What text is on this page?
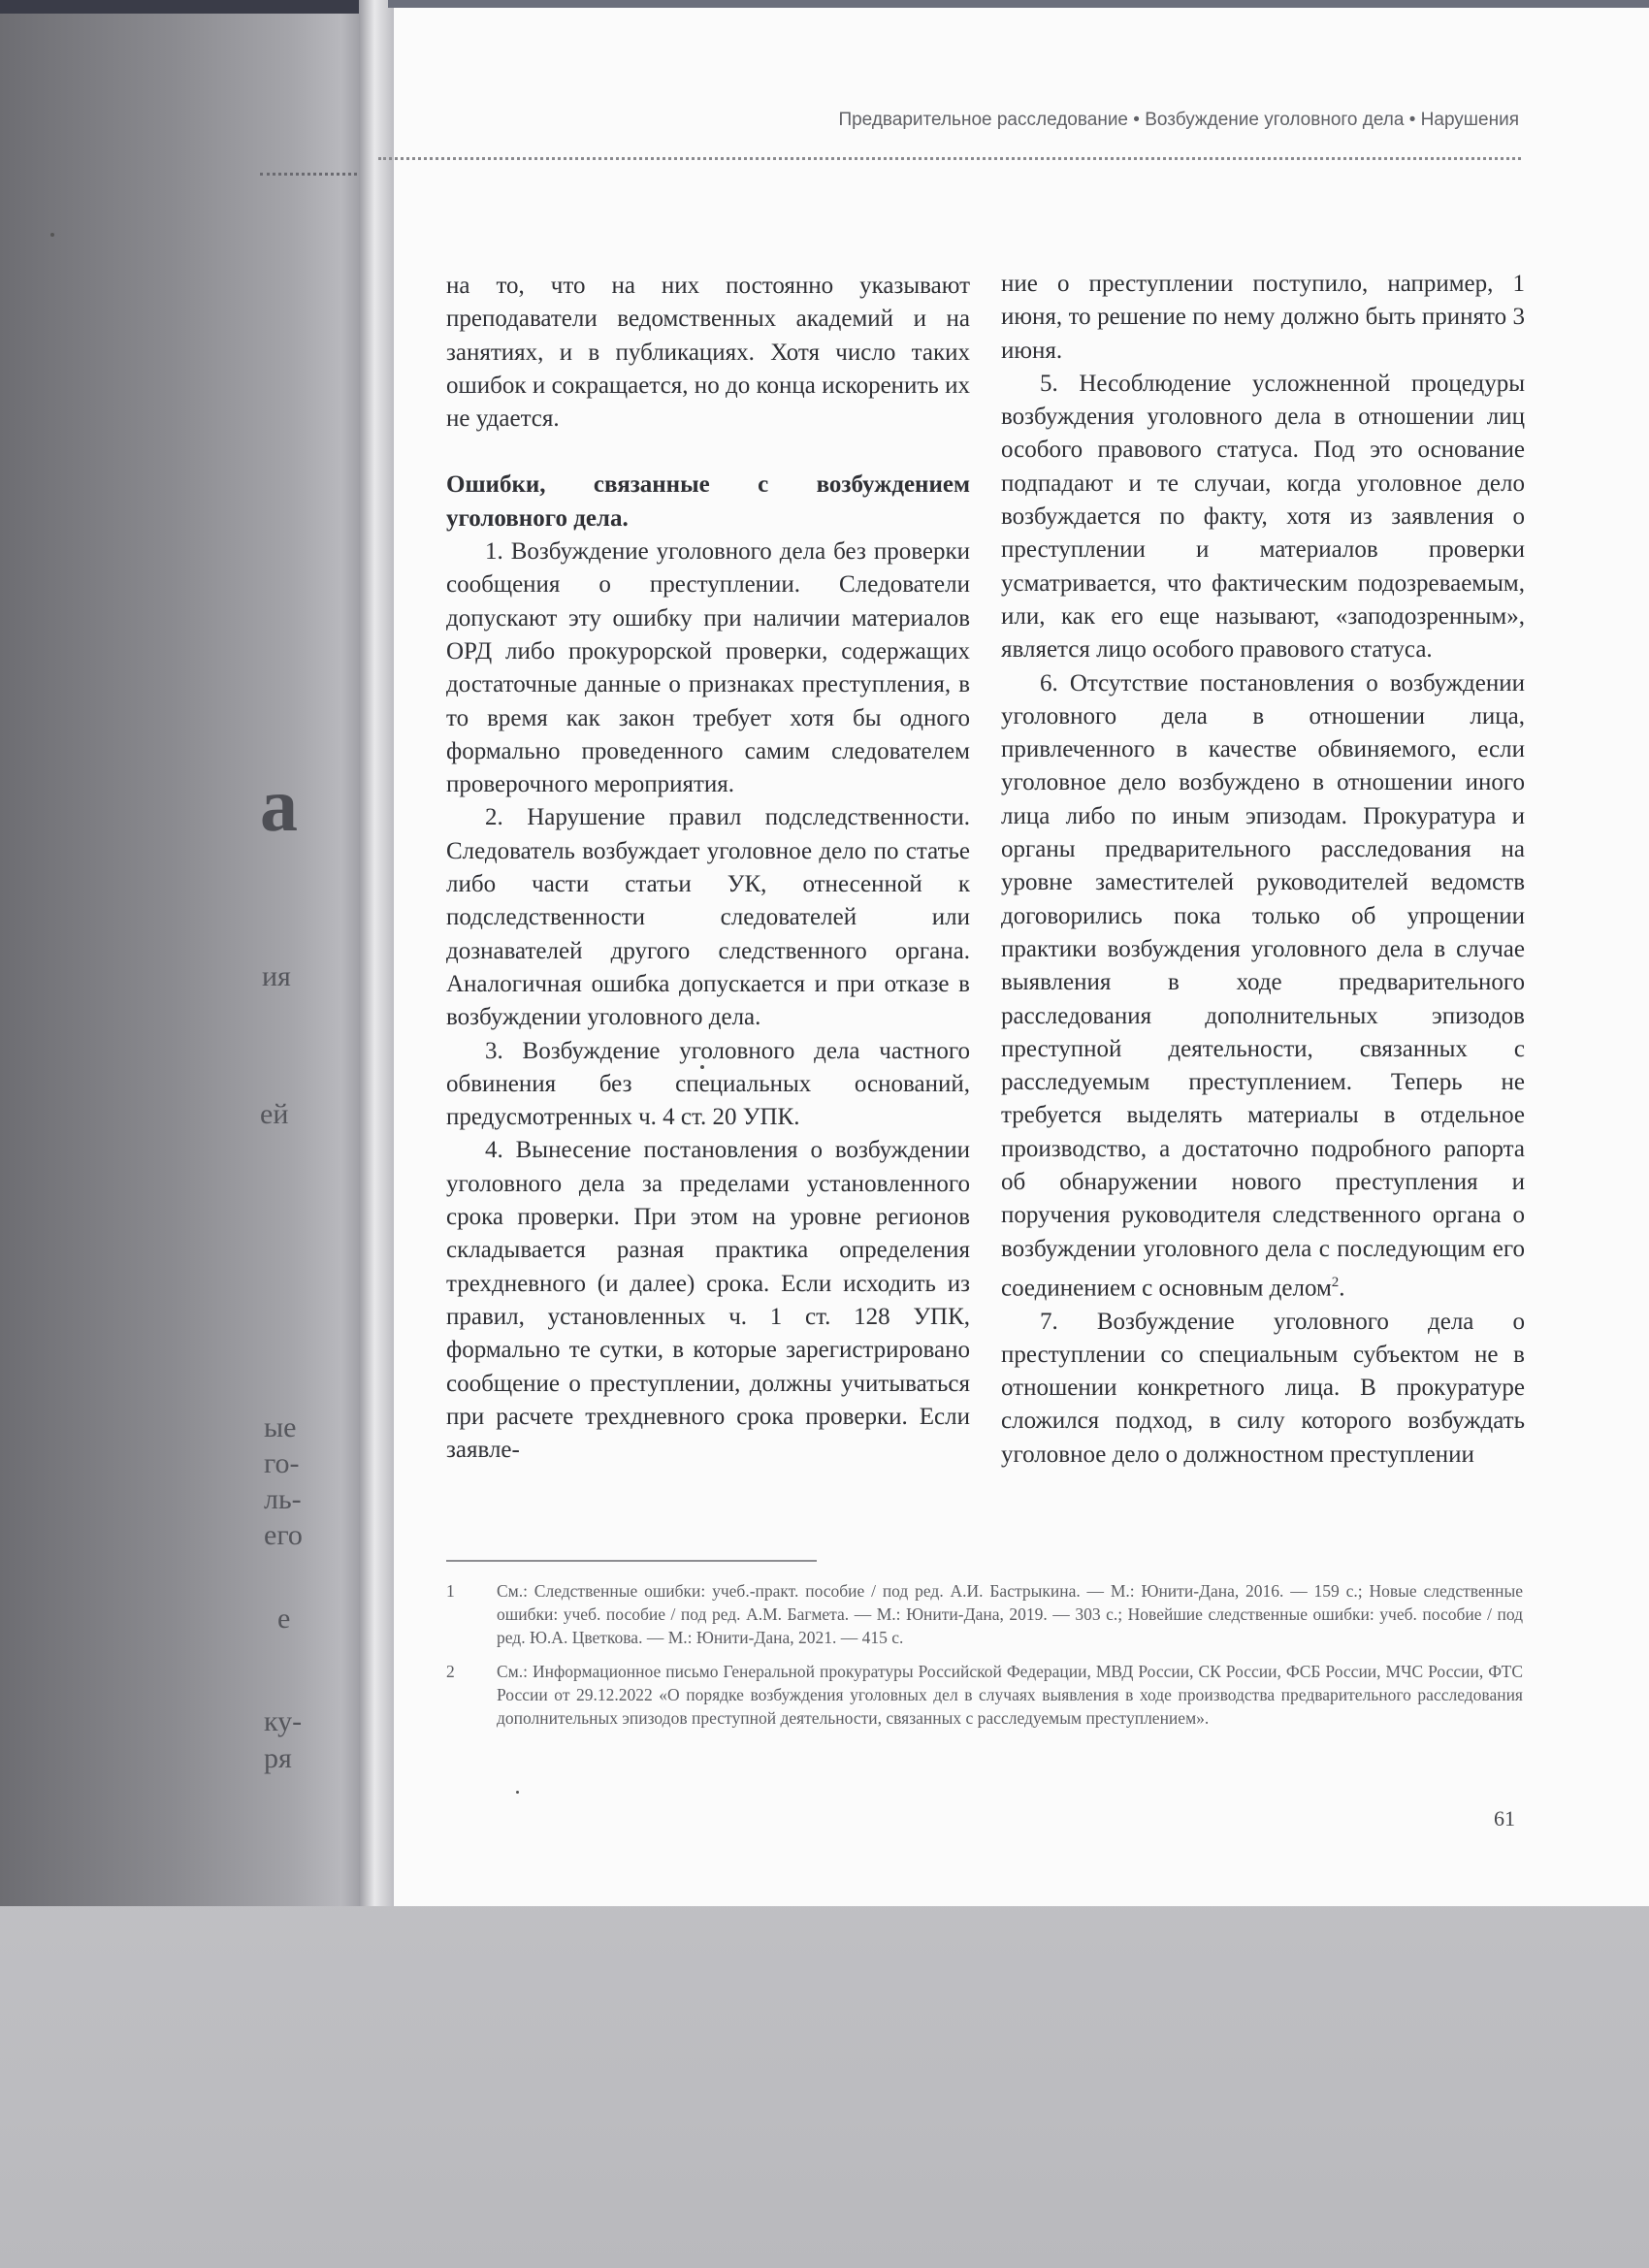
а
ия
ей
ые
го-
ль-
его
е
ку-
ря
Предварительное расследование • Возбуждение уголовного дела • Нарушения

на то, что на них постоянно указывают преподаватели ведомственных академий и на занятиях, и в публикациях. Хотя число таких ошибок и сокращается, но до конца искоренить их не удается.

Ошибки, связанные с возбуждением уголовного дела.

1. Возбуждение уголовного дела без проверки сообщения о преступлении. Следователи допускают эту ошибку при наличии материалов ОРД либо прокурорской проверки, содержащих достаточные данные о признаках преступления, в то время как закон требует хотя бы одного формально проведенного самим следователем проверочного мероприятия.

2. Нарушение правил подследственности. Следователь возбуждает уголовное дело по статье либо части статьи УК, отнесенной к подследственности следователей или дознавателей другого следственного органа. Аналогичная ошибка допускается и при отказе в возбуждении уголовного дела.

3. Возбуждение уголовного дела частного обвинения без специальных оснований, предусмотренных ч. 4 ст. 20 УПК.

4. Вынесение постановления о возбуждении уголовного дела за пределами установленного срока проверки. При этом на уровне регионов складывается разная практика определения трехдневного (и далее) срока. Если исходить из правил, установленных ч. 1 ст. 128 УПК, формально те сутки, в которые зарегистрировано сообщение о преступлении, должны учитываться при расчете трехдневного срока проверки. Если заявле-

ние о преступлении поступило, например, 1 июня, то решение по нему должно быть принято 3 июня.

5. Несоблюдение усложненной процедуры возбуждения уголовного дела в отношении лиц особого правового статуса. Под это основание подпадают и те случаи, когда уголовное дело возбуждается по факту, хотя из заявления о преступлении и материалов проверки усматривается, что фактическим подозреваемым, или, как его еще называют, «заподозренным», является лицо особого правового статуса.

6. Отсутствие постановления о возбуждении уголовного дела в отношении лица, привлеченного в качестве обвиняемого, если уголовное дело возбуждено в отношении иного лица либо по иным эпизодам. Прокуратура и органы предварительного расследования на уровне заместителей руководителей ведомств договорились пока только об упрощении практики возбуждения уголовного дела в случае выявления в ходе предварительного расследования дополнительных эпизодов преступной деятельности, связанных с расследуемым преступлением. Теперь не требуется выделять материалы в отдельное производство, а достаточно подробного рапорта об обнаружении нового преступления и поручения руководителя следственного органа о возбуждении уголовного дела с последующим его соединением с основным делом$^2$.

7. Возбуждение уголовного дела о преступлении со специальным субъектом не в отношении конкретного лица. В прокуратуре сложился подход, в силу которого возбуждать уголовное дело о должностном преступлении

1	См.: Следственные ошибки: учеб.-практ. пособие / под ред. А.И. Бастрыкина. — М.: Юнити-Дана, 2016. — 159 с.; Новые следственные ошибки: учеб. пособие / под ред. А.М. Багмета. — М.: Юнити-Дана, 2019. — 303 с.; Новейшие следственные ошибки: учеб. пособие / под ред. Ю.А. Цветкова. — М.: Юнити-Дана, 2021. — 415 с.
2	См.: Информационное письмо Генеральной прокуратуры Российской Федерации, МВД России, СК России, ФСБ России, МЧС России, ФТС России от 29.12.2022 «О порядке возбуждения уголовных дел в случаях выявления в ходе производства предварительного расследования дополнительных эпизодов преступной деятельности, связанных с расследуемым преступлением».
61
